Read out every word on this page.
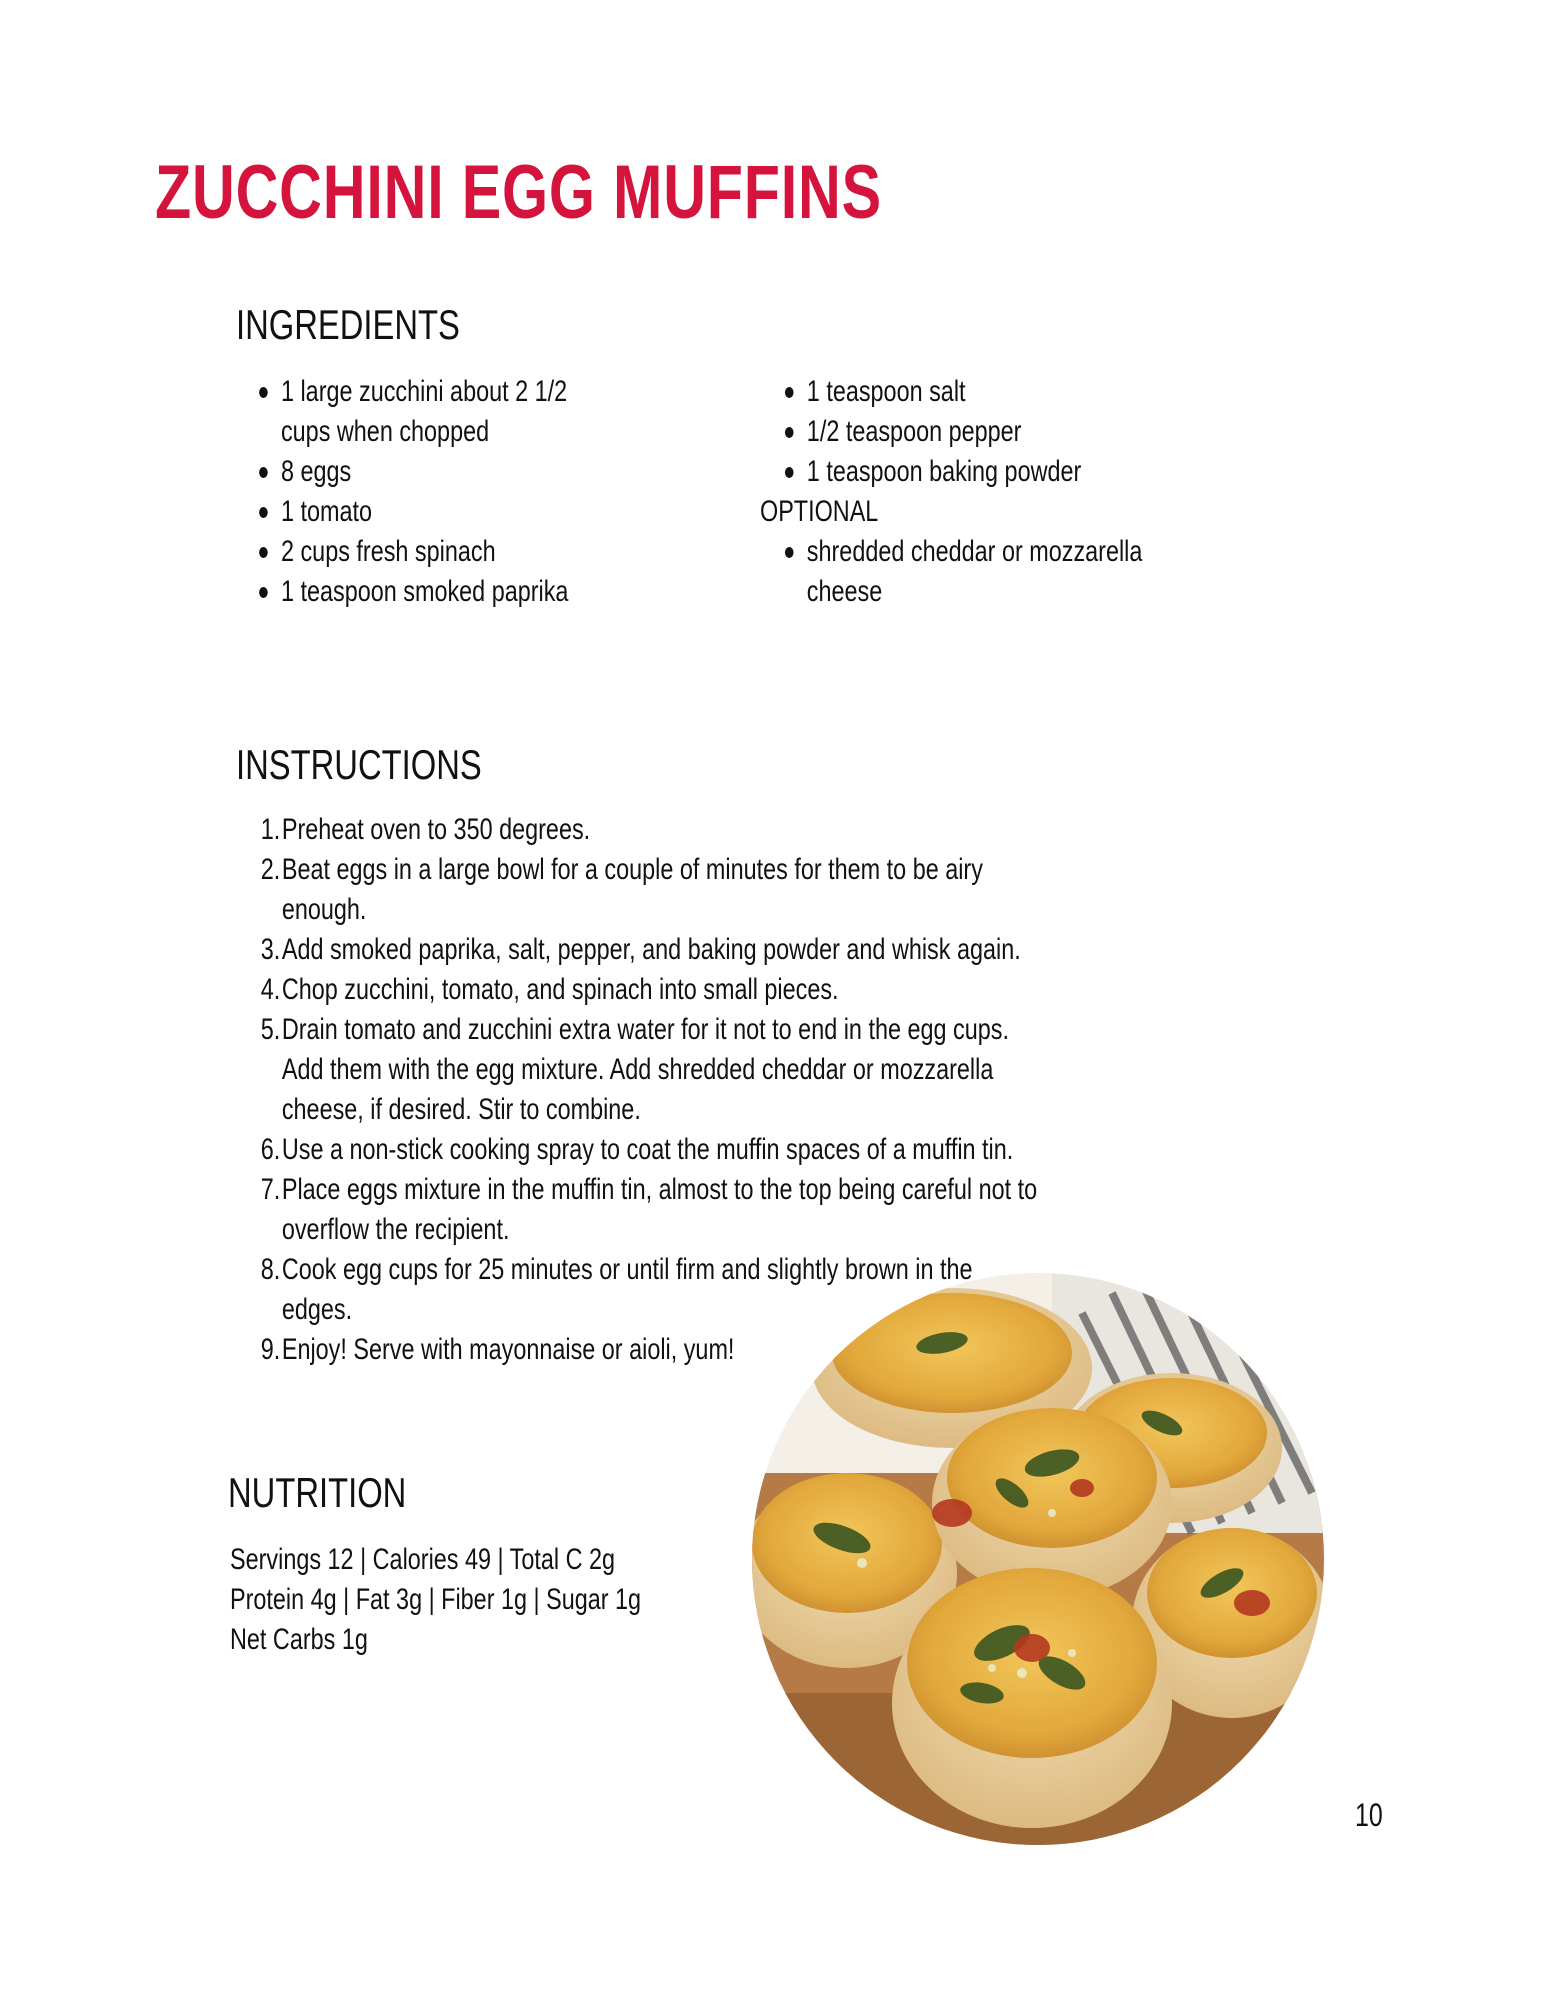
ZUCCHINI EGG MUFFINS
INGREDIENTS
1 large zucchini about 2 1/2 cups when chopped
8 eggs
1 tomato
2 cups fresh spinach
1 teaspoon smoked paprika
1 teaspoon salt
1/2 teaspoon pepper
1 teaspoon baking powder
OPTIONAL
shredded cheddar or mozzarella cheese
INSTRUCTIONS
1. Preheat oven to 350 degrees.
2. Beat eggs in a large bowl for a couple of minutes for them to be airy enough.
3. Add smoked paprika, salt, pepper, and baking powder and whisk again.
4. Chop zucchini, tomato, and spinach into small pieces.
5. Drain tomato and zucchini extra water for it not to end in the egg cups. Add them with the egg mixture. Add shredded cheddar or mozzarella cheese, if desired. Stir to combine.
6. Use a non-stick cooking spray to coat the muffin spaces of a muffin tin.
7. Place eggs mixture in the muffin tin, almost to the top being careful not to overflow the recipient.
8. Cook egg cups for 25 minutes or until firm and slightly brown in the edges.
9. Enjoy! Serve with mayonnaise or aioli, yum!
NUTRITION
Servings 12 | Calories 49 | Total C 2g
Protein 4g | Fat 3g | Fiber 1g | Sugar 1g
Net Carbs 1g
10
